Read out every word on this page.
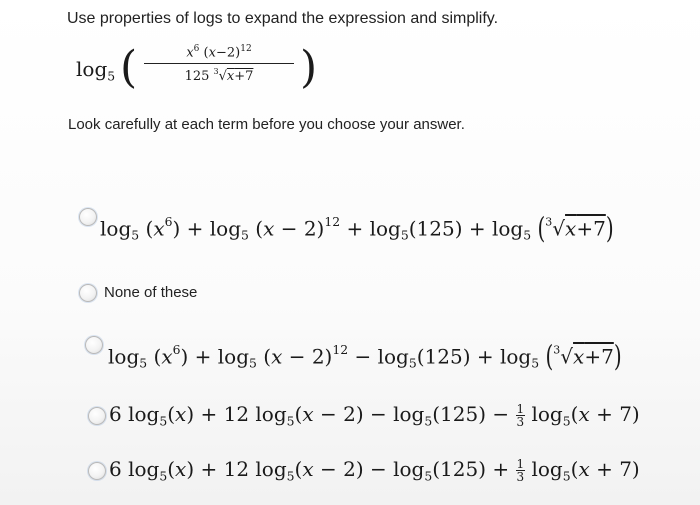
Use properties of logs to expand the expression and simplify.
$\log_5$ (	$x^6$ $(x-2)^{12}$
125 $^3$√x+7	)
Look carefully at each term before you choose your answer.
$\log_5 (x^6) + \log_5 (x - 2)^{12} + \log_5(125) + \log_5 (^3√x+7)$
None of these
$\log_5 (x^6) + \log_5 (x - 2)^{12} - \log_5(125) + \log_5 (^3√x+7)$
6 $\log_5(x) + 12$ $\log_5(x - 2) - \log_5(125) - \frac{1}{3} \log_5(x + 7)$
6 $\log_5(x) + 12$ $\log_5(x - 2) - \log_5(125) + \frac{1}{3} \log_5(x + 7)$
